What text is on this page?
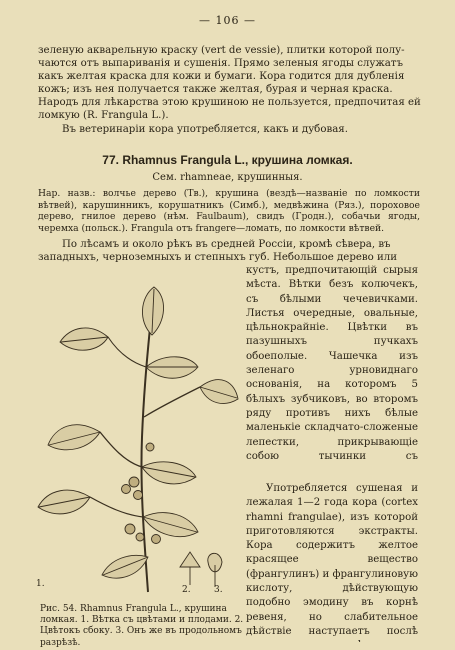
— 106 —
зеленую акварельную краску (vert de vessie), плитки которой полу-
чаются отъ выпариванія и сушенія. Прямо зеленыя ягоды служатъ
какъ желтая краска для кожи и бумаги. Кора годится для дубленія
кожъ; изъ нея получается также желтая, бурая и черная краска.
Народъ для лѣкарства этою крушиною не пользуется, предпочитая ей
ломкую (R. Frangula L.).
Въ ветеринаріи кора употребляется, какъ и дубовая.
77. Rhamnus Frangula L., крушина ломкая.
Сем. rhamneae, крушинныя.
Нар. назв.: волчье дерево (Тв.), крушина (вездѣ—названіе по ломкости вѣтвей), карушинникъ, корушатникъ (Симб.), медвѣжина (Ряз.), пороховое дерево, гнилое дерево (нѣм. Faulbaum), свидъ (Гродн.), собачьи ягоды, черемха (польск.). Frangula отъ frangere—ломать, по ломкости вѣтвей.
По лѣсамъ и около рѣкъ въ средней Россіи, кромѣ сѣвера, въ
западныхъ, черноземныхъ и степныхъ губ. Небольшое дерево или
1.
2.	3.
Рис. 54. Rhamnus Frangula L., крушина ломкая. 1. Вѣтка съ цвѣтами и плодами. 2. Цвѣтокъ сбоку. 3. Онъ же въ продольномъ разрѣзѣ.
кустъ, предпочитающій сырыя мѣста. Вѣтки безъ колючекъ, съ бѣлыми чечевичками. Листья очередные, овальные, цѣльнокрайніе. Цвѣтки въ пазушныхъ пучкахъ обоеполые. Чашечка изъ зеленаго урновиднаго основанія, на которомъ 5 бѣлыхъ зубчиковъ, во второмъ ряду противъ нихъ бѣлые маленькіе складчато-сложеные лепестки, прикрывающіе собою тычинки съ
Употребляется сушеная и лежалая 1—2 года кора (cortex rhamni frangulae), изъ которой приготовляются экстракты. Кора содержитъ желтое красящее вещество (франгулинъ) и франгулиновую кислоту, дѣйствующую подобно эмодину въ корнѣ ревеня, но слабительное дѣйствіе наступаетъ послѣ
